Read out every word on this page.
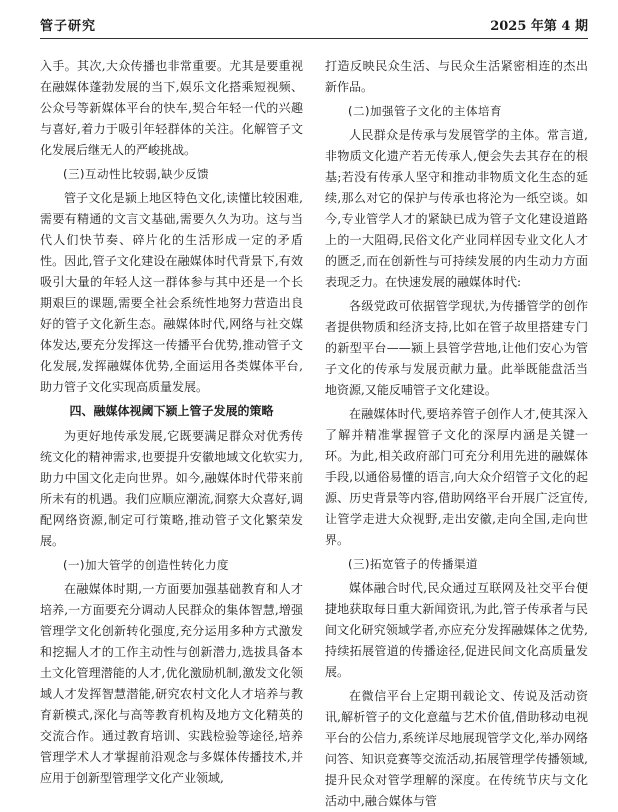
管子研究	2025 年第 4 期

入手。其次,大众传播也非常重要。尤其是要重视在融媒体蓬勃发展的当下,娱乐文化搭乘短视频、公众号等新媒体平台的快车,契合年轻一代的兴趣与喜好,着力于吸引年轻群体的关注。化解管子文化发展后继无人的严峻挑战。

(三)互动性比较弱,缺少反馈

管子文化是颍上地区特色文化,读懂比较困难,需要有精通的文言文基础,需要久久为功。这与当代人们快节奏、碎片化的生活形成一定的矛盾性。因此,管子文化建设在融媒体时代背景下,有效吸引大量的年轻人这一群体参与其中还是一个长期艰巨的课题,需要全社会系统性地努力营造出良好的管子文化新生态。融媒体时代,网络与社交媒体发达,要充分发挥这一传播平台优势,推动管子文化发展,发挥融媒体优势,全面运用各类媒体平台,助力管子文化实现高质量发展。

四、融媒体视阈下颍上管子发展的策略

为更好地传承发展,它既要满足群众对优秀传统文化的精神需求,也要提升安徽地域文化软实力,助力中国文化走向世界。如今,融媒体时代带来前所未有的机遇。我们应顺应潮流,洞察大众喜好,调配网络资源,制定可行策略,推动管子文化繁荣发展。

(一)加大管学的创造性转化力度

在融媒体时期,一方面要加强基础教育和人才培养,一方面要充分调动人民群众的集体智慧,增强管理学文化创新转化强度,充分运用多种方式激发和挖掘人才的工作主动性与创新潜力,选拔具备本土文化管理潜能的人才,优化激励机制,激发文化领域人才发挥智慧潜能,研究农村文化人才培养与教育新模式,深化与高等教育机构及地方文化精英的交流合作。通过教育培训、实践检验等途径,培养管理学术人才掌握前沿观念与多媒体传播技术,并应用于创新型管理学文化产业领域,

打造反映民众生活、与民众生活紧密相连的杰出新作品。

(二)加强管子文化的主体培育

人民群众是传承与发展管学的主体。常言道,非物质文化遗产若无传承人,便会失去其存在的根基;若没有传承人坚守和推动非物质文化生态的延续,那么对它的保护与传承也将沦为一纸空谈。如今,专业管学人才的紧缺已成为管子文化建设道路上的一大阻碍,民俗文化产业同样因专业文化人才的匮乏,而在创新性与可持续发展的内生动力方面表现乏力。在快速发展的融媒体时代:

各级党政可依据管学现状,为传播管学的创作者提供物质和经济支持,比如在管子故里搭建专门的新型平台——颍上县管学营地,让他们安心为管子文化的传承与发展贡献力量。此举既能盘活当地资源,又能反哺管子文化建设。

在融媒体时代,要培养管子创作人才,使其深入了解并精准掌握管子文化的深厚内涵是关键一环。为此,相关政府部门可充分利用先进的融媒体手段,以通俗易懂的语言,向大众介绍管子文化的起源、历史背景等内容,借助网络平台开展广泛宣传,让管学走进大众视野,走出安徽,走向全国,走向世界。

(三)拓宽管子的传播渠道

媒体融合时代,民众通过互联网及社交平台便捷地获取每日重大新闻资讯,为此,管子传承者与民间文化研究领域学者,亦应充分发挥融媒体之优势,持续拓展管道的传播途径,促进民间文化高质量发展。

在微信平台上定期刊载论文、传说及活动资讯,解析管子的文化意蕴与艺术价值,借助移动电视平台的公信力,系统详尽地展现管学文化,举办网络问答、知识竞赛等交流活动,拓展管理学传播领域,提升民众对管学理解的深度。在传统节庆与文化活动中,融合媒体与管
